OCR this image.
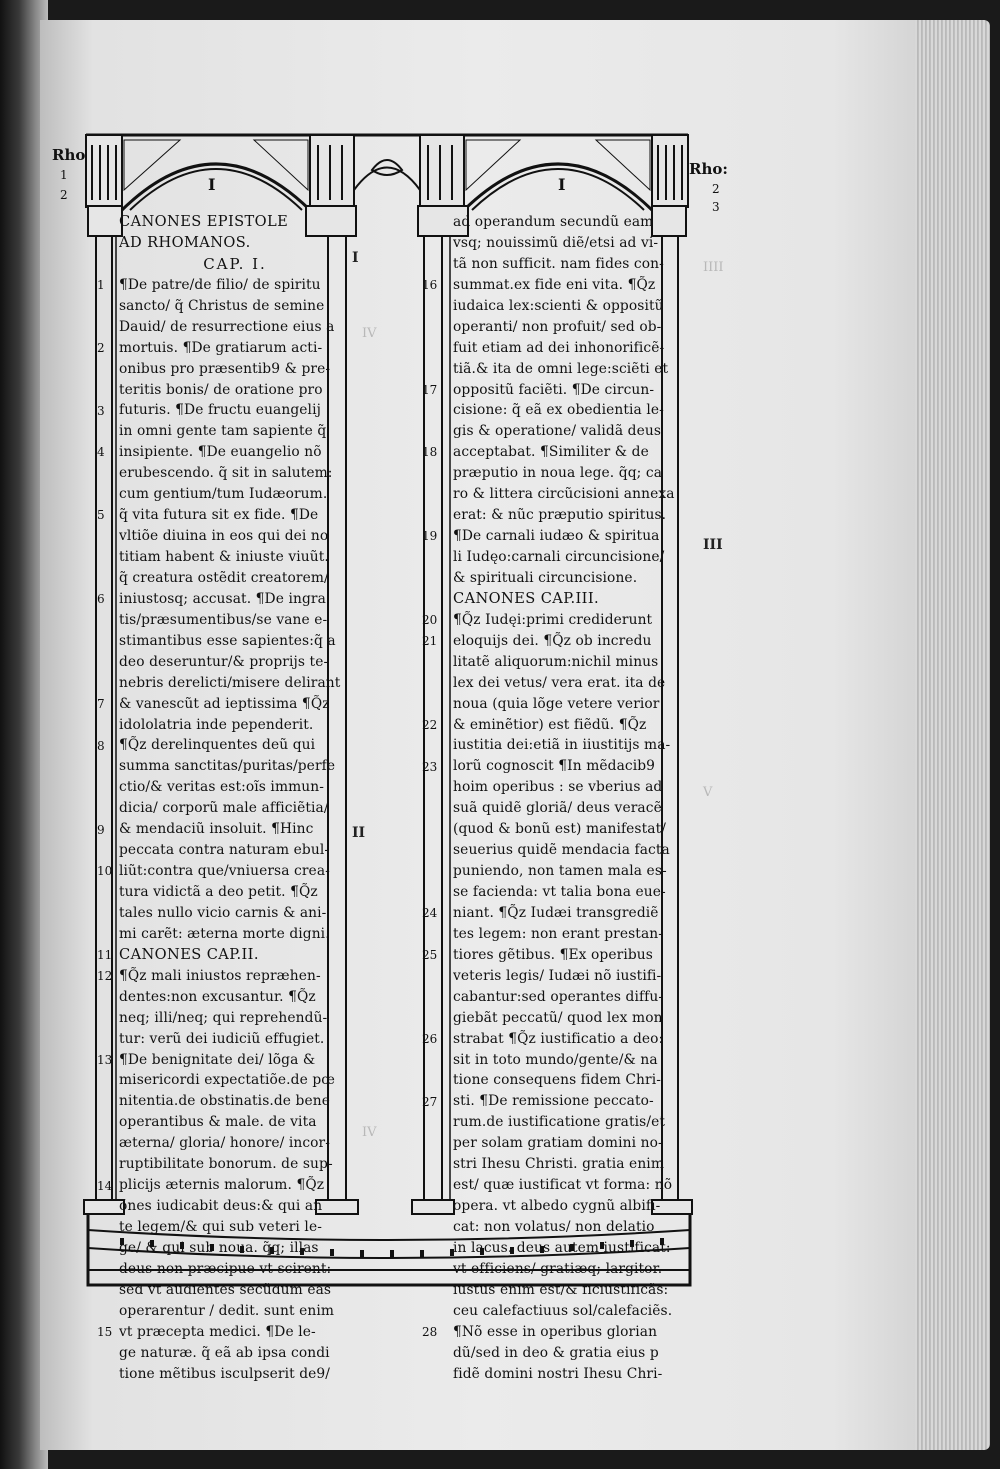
IV
IIII
V
IV
Rho
1
2
Rho:
2
3
I	I
I
II
III
CANONES EPISTOLE
AD RHOMANOS.
CAP. I.
¶De patre/de filio/ de spiritu
sancto/ q̃ Christus de semine
Dauid/ de resurrectione eius a
mortuis. ¶De gratiarum acti-
onibus pro præsentib9 & pre-
teritis bonis/ de oratione pro
futuris. ¶De fructu euangelij
in omni gente tam sapiente q̃
insipiente. ¶De euangelio nõ
erubescendo. q̃ sit in salutem:
cum gentium/tum Iudæorum.
q̃ vita futura sit ex fide. ¶De
vltiõe diuina in eos qui dei no
titiam habent & iniuste viuũt.
q̃ creatura ostẽdit creatorem/
iniustosq; accusat. ¶De ingra
tis/præsumentibus/se vane e-
stimantibus esse sapientes:q̃ a
deo deseruntur/& proprijs te-
nebris derelicti/misere delirant
& vanescũt ad ieptissima ¶Q̃z
idololatria inde pependerit.
¶Q̃z derelinquentes deũ qui
summa sanctitas/puritas/perfe
ctio/& veritas est:oĩs immun-
dicia/ corporũ male afficiẽtia/
& mendaciũ insoluit. ¶Hinc
peccata contra naturam ebul-
liũt:contra que/vniuersa crea-
tura vidictã a deo petit. ¶Q̃z
tales nullo vicio carnis & ani-
mi carẽt: æterna morte digni.
CANONES CAP.II.
¶Q̃z mali iniustos repræhen-
dentes:non excusantur. ¶Q̃z
neq; illi/neq; qui reprehendũ-
tur: verũ dei iudiciũ effugiet.
¶De benignitate dei/ lõga &
misericordi expectatiõe.de pœ
nitentia.de obstinatis.de bene
operantibus & male. de vita
æterna/ gloria/ honore/ incor-
ruptibilitate bonorum. de sup-
plicijs æternis malorum. ¶Q̃z
õnes iudicabit deus:& qui an
te legem/& qui sub veteri le-
ge/ & qui sub noua. q̃q; illas
deus non præcipue vt scirent:
sed vt audientes secũdum eas
operarentur / dedit. sunt enim
vt præcepta medici. ¶De le-
ge naturæ. q̃ eã ab ipsa condi
tione mẽtibus isculpserit de9/
ad operandum secundũ eam
vsq; nouissimũ diẽ/etsi ad vi-
tã non sufficit. nam fides con-
summat.ex fide eni vita. ¶Q̃z
iudaica lex:scienti & oppositũ
operanti/ non profuit/ sed ob-
fuit etiam ad dei inhonorificẽ-
tiã.& ita de omni lege:sciẽti et
oppositũ faciẽti. ¶De circun-
cisione: q̃ eã ex obedientia le-
gis & operatione/ validã deus
acceptabat. ¶Similiter & de
præputio in noua lege. q̃q; ca
ro & littera circũcisioni annexa
erat: & nũc præputio spiritus.
¶De carnali iudæo & spiritua
li Iudęo:carnali circuncisione/
& spirituali circuncisione.
CANONES CAP.III.
¶Q̃z Iudęi:primi crediderunt
eloquijs dei. ¶Q̃z ob incredu
litatẽ aliquorum:nichil minus
lex dei vetus/ vera erat. ita de
noua (quia lõge vetere verior
& eminẽtior) est fiẽdũ. ¶Q̃z
iustitia dei:etiã in iiustitijs ma-
lorũ cognoscit ¶In mẽdacib9
hoim operibus : se vberius ad
suã quidẽ gloriã/ deus veracẽ
(quod & bonũ est) manifestat/
seuerius quidẽ mendacia facta
puniendo, non tamen mala es-
se facienda: vt talia bona eue-
niant. ¶Q̃z Iudæi transgrediẽ
tes legem: non erant prestan-
tiores gẽtibus. ¶Ex operibus
veteris legis/ Iudæi nõ iustifi-
cabantur:sed operantes diffu-
giebãt peccatũ/ quod lex mon
strabat ¶Q̃z iustificatio a deo:
sit in toto mundo/gente/& na
tione consequens fidem Chri-
sti. ¶De remissione peccato-
rum.de iustificatione gratis/et
per solam gratiam domini no-
stri Ihesu Christi. gratia enim
est/ quæ iustificat vt forma: nõ
opera. vt albedo cygnũ albifi-
cat: non volatus/ non delatio
in lacus. deus autem iustificat:
vt efficiens/ gratiæq; largitor.
iustus enim est/& ficiustificãs:
ceu calefactiuus sol/calefaciẽs.
¶Nõ esse in operibus glorian
dũ/sed in deo & gratia eius p
fidẽ domini nostri Ihesu Chri-
1
2
3
4
5
6
7
8
9
10
11
12
13
14
15
16
17
18
19
20
21
22
23
24
25
26
27
28
